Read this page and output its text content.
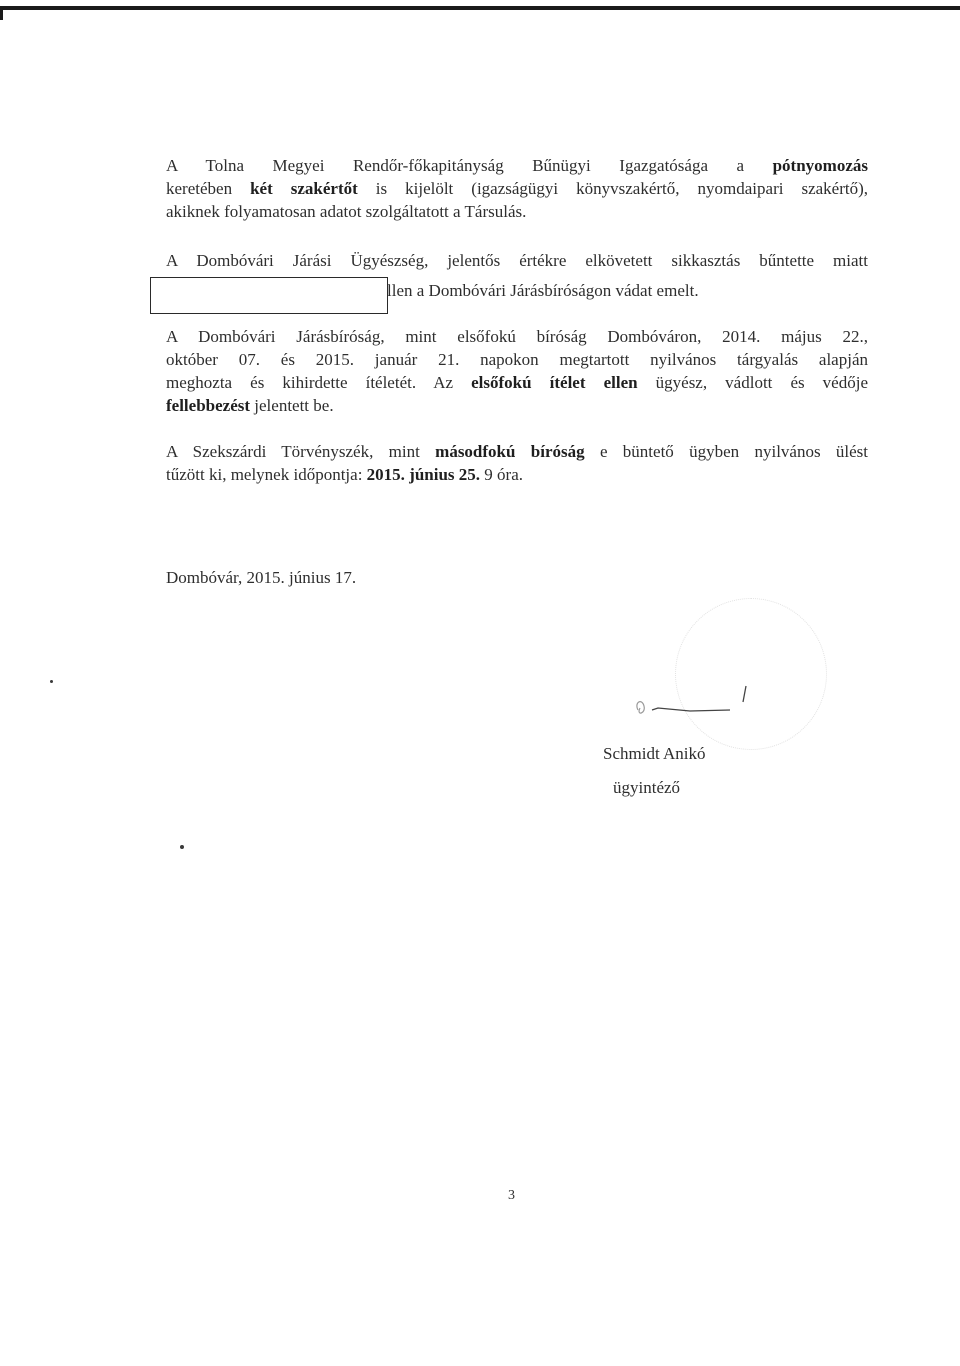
A Tolna Megyei Rendőr-főkapitányság Bűnügyi Igazgatósága a pótnyomozás
keretében két szakértőt is kijelölt (igazságügyi könyvszakértő, nyomdaipari szakértő),
akiknek folyamatosan adatot szolgáltatott a Társulás.
A Dombóvári Járási Ügyészség, jelentős értékre elkövetett sikkasztás bűntette miatt
llen a Dombóvári Járásbíróságon vádat emelt.
A Dombóvári Járásbíróság, mint elsőfokú bíróság Dombóváron, 2014. május 22.,
október 07. és 2015. január 21. napokon megtartott nyilvános tárgyalás alapján
meghozta és kihirdette ítéletét. Az elsőfokú ítélet ellen ügyész, vádlott és védője
fellebbezést jelentett be.
A Szekszárdi Törvényszék, mint másodfokú bíróság e büntető ügyben nyilvános ülést
tűzött ki, melynek időpontja: 2015. június 25. 9 óra.
Dombóvár, 2015. június 17.
Schmidt Anikó
ügyintéző
3
